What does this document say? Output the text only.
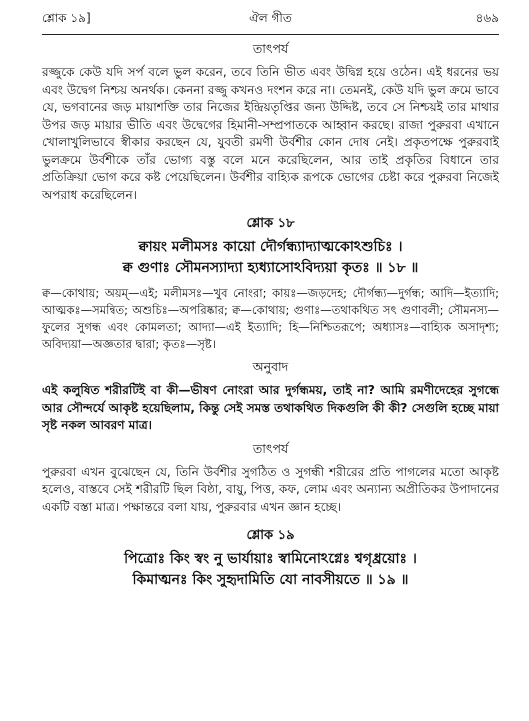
শ্লোক ১৯]	ঐল গীত	৪৬৯
তাৎপর্য

রজ্জুকে কেউ যদি সর্প বলে ভুল করেন, তবে তিনি ভীত এবং উদ্বিগ্ন হয়ে ওঠেন। এই ধরনের ভয় এবং উদ্বেগ নিশ্চয় অনর্থক। কেননা রজ্জু কখনও দংশন করে না। তেমনই, কেউ যদি ভুল ক্রমে ভাবে যে, ভগবানের জড় মায়াশক্তি তার নিজের ইন্দ্রিয়তৃপ্তির জন্য উদ্দিষ্ট, তবে সে নিশ্চয়ই তার মাথার উপর জড় মায়ার ভীতি এবং উদ্বেগের হিমানী-সম্প্রপাতকে আহ্বান করছে। রাজা পুরুরবা এখানে খোলাখুলিভাবে স্বীকার করছেন যে, যুবতী রমণী উর্বশীর কোন দোষ নেই। প্রকৃতপক্ষে পুরুরবাই ভুলক্রমে উর্বশীকে তাঁর ভোগ্য বস্তু বলে মনে করেছিলেন, আর তাই প্রকৃতির বিধানে তার প্রতিক্রিয়া ভোগ করে কষ্ট পেয়েছিলেন। উর্বশীর বাহ্যিক রূপকে ভোগের চেষ্টা করে পুরুরবা নিজেই অপরাধ করেছিলেন।

শ্লোক ১৮

ক্বায়ং মলীমসঃ কায়ো দৌর্গন্ধ্যাদ্যাত্মকোঽশুচিঃ ।

ক্ব গুণাঃ সৌমনস্যাদ্যা হ্যধ্যাসোঽবিদ্যয়া কৃতঃ ॥ ১৮ ॥

ক্ব—কোথায়; অয়ম্—এই; মলীমসঃ—খুব নোংরা; কায়ঃ—জড়দেহ; দৌর্গন্ধ্য—দুর্গন্ধ; আদি—ইত্যাদি; আত্মকঃ—সমন্বিত; অশুচিঃ—অপরিষ্কার; ক্ব—কোথায়; গুণাঃ—তথাকথিত সৎ গুণাবলী; সৌমনস্য—ফুলের সুগন্ধ এবং কোমলতা; আদ্যা—এই ইত্যাদি; হি—নিশ্চিতরূপে; অধ্যাসঃ—বাহ্যিক অসাদৃশ্য; অবিদ্যয়া—অজ্ঞতার দ্বারা; কৃতঃ—সৃষ্ট।

অনুবাদ

এই কলুষিত শরীরটিই বা কী—ভীষণ নোংরা আর দুর্গন্ধময়, তাই না? আমি রমণীদেহের সুগন্ধে আর সৌন্দর্যে আকৃষ্ট হয়েছিলাম, কিন্তু সেই সমস্ত তথাকথিত দিকগুলি কী কী? সেগুলি হচ্ছে মায়া সৃষ্ট নকল আবরণ মাত্র।

তাৎপর্য

পুরুরবা এখন বুঝেছেন যে, তিনি উর্বশীর সুগঠিত ও সুগন্ধী শরীরের প্রতি পাগলের মতো আকৃষ্ট হলেও, বাস্তবে সেই শরীরটি ছিল বিষ্ঠা, বায়ু, পিত্ত, কফ, লোম এবং অন্যান্য অপ্রীতিকর উপাদানের একটি বস্তা মাত্র। পক্ষান্তরে বলা যায়, পুরুরবার এখন জ্ঞান হচ্ছে।

শ্লোক ১৯

পিত্রোঃ কিং স্বং নু ভার্যায়াঃ স্বামিনোঽগ্নেঃ শ্বগৃধ্রয়োঃ ।

কিমাত্মনঃ কিং সুহৃদামিতি যো নাবসীয়তে ॥ ১৯ ॥
